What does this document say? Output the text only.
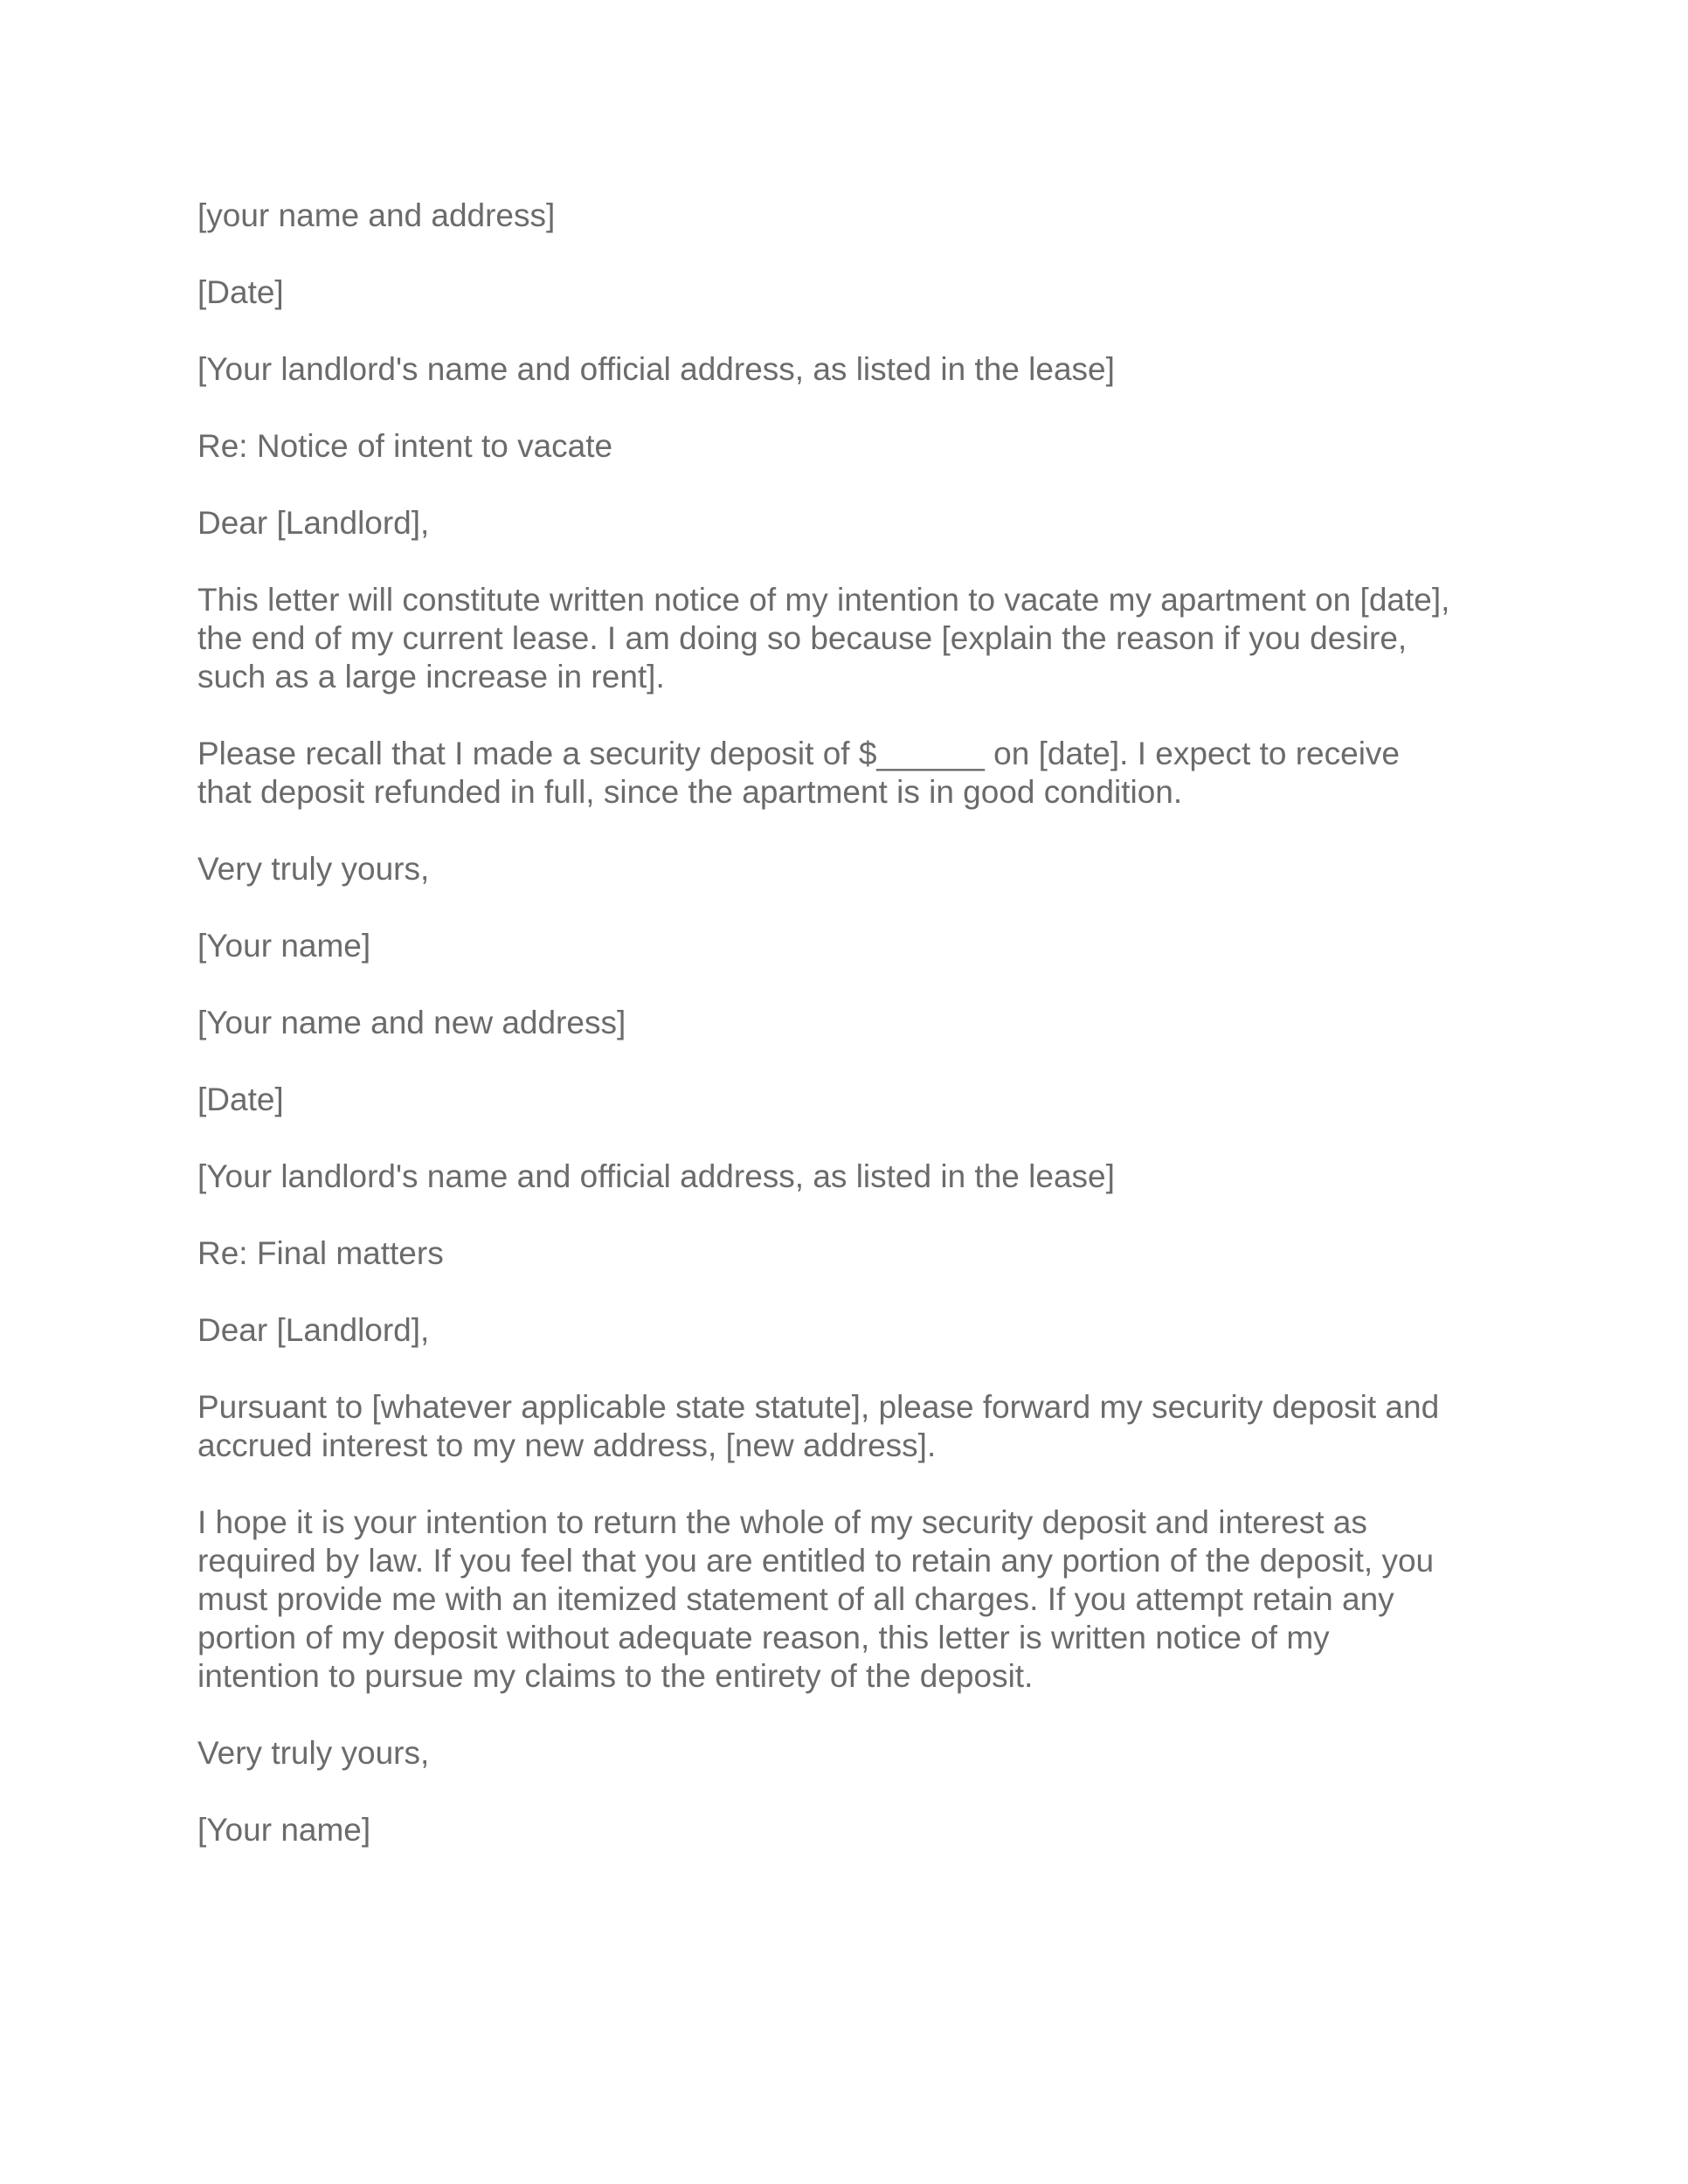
[your name and address]

[Date]

[Your landlord's name and official address, as listed in the lease]

Re: Notice of intent to vacate

Dear [Landlord],

This letter will constitute written notice of my intention to vacate my apartment on [date],
the end of my current lease. I am doing so because [explain the reason if you desire,
such as a large increase in rent].

Please recall that I made a security deposit of $______ on [date]. I expect to receive
that deposit refunded in full, since the apartment is in good condition.

Very truly yours,

[Your name]

[Your name and new address]

[Date]

[Your landlord's name and official address, as listed in the lease]

Re: Final matters

Dear [Landlord],

Pursuant to [whatever applicable state statute], please forward my security deposit and
accrued interest to my new address, [new address].

I hope it is your intention to return the whole of my security deposit and interest as
required by law. If you feel that you are entitled to retain any portion of the deposit, you
must provide me with an itemized statement of all charges. If you attempt retain any
portion of my deposit without adequate reason, this letter is written notice of my
intention to pursue my claims to the entirety of the deposit.

Very truly yours,

[Your name]
